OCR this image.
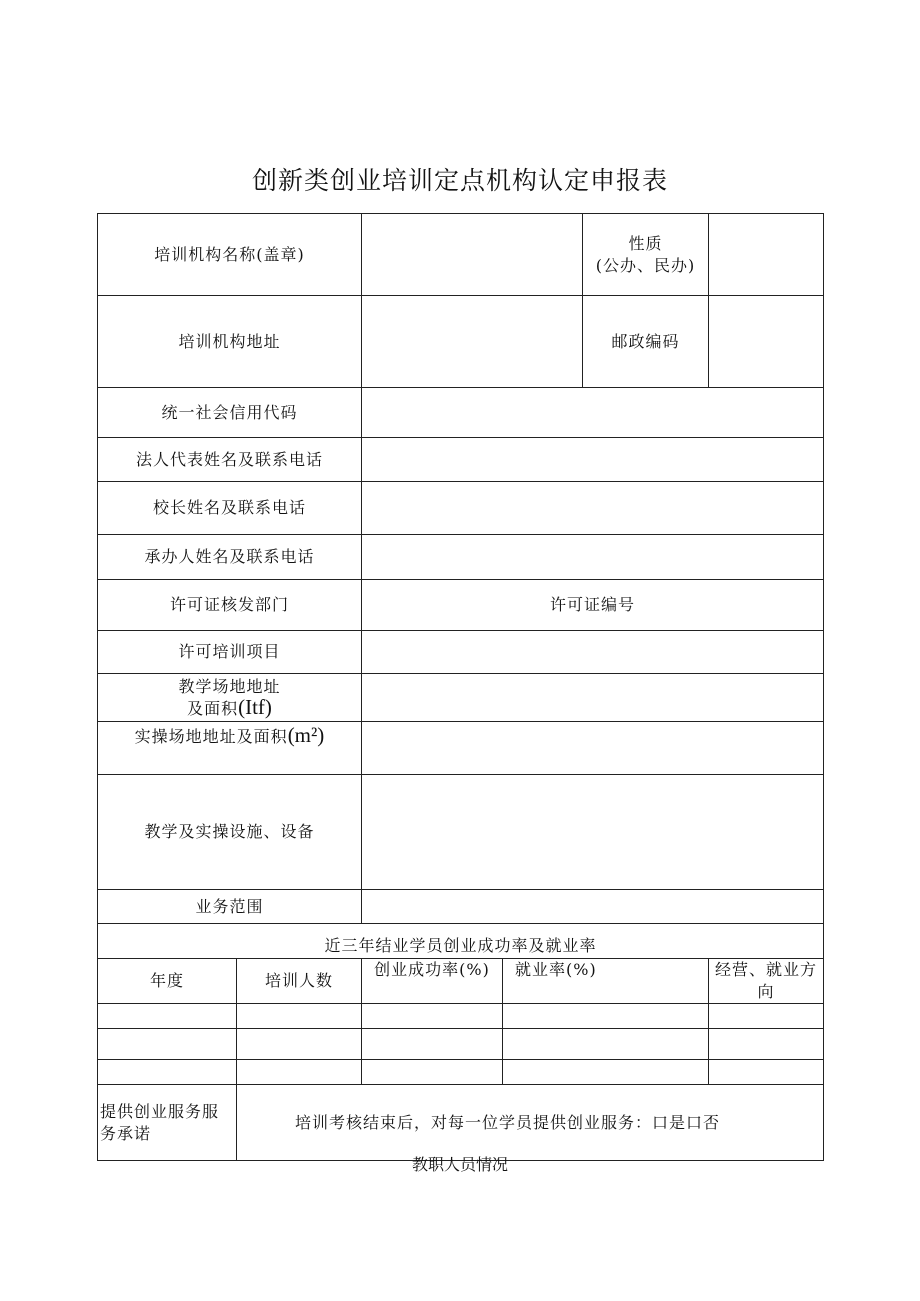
创新类创业培训定点机构认定申报表
培训机构名称(盖章)				性质
(公办、民办)	

培训机构地址				邮政编码	
统一社会信用代码					
法人代表姓名及联系电话					
校长姓名及联系电话					
承办人姓名及联系电话					
许可证核发部门		许可证编号			
许可培训项目					

教学场地地址
及面积(Itf)					

实操场地地址及面积(m²)					
教学及实操设施、设备					
业务范围					
近三年结业学员创业成功率及就业率					
年度	培训人数	创业成功率(%)	就业率(%)		经营、就业方向

提供创业服务服务承诺	培训考核结束后，对每一位学员提供创业服务：口是口否				
教职人员情况
